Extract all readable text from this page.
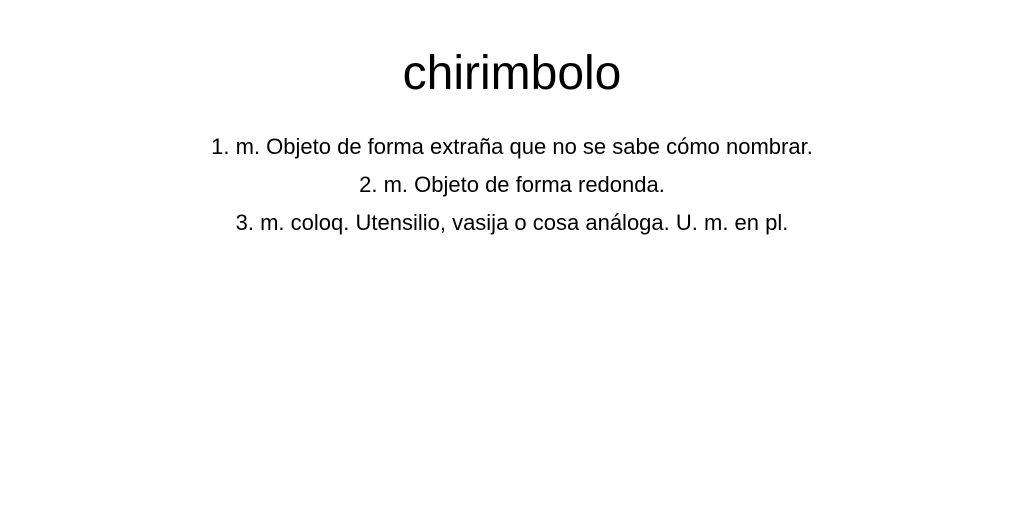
chirimbolo
1. m. Objeto de forma extraña que no se sabe cómo nombrar.
2. m. Objeto de forma redonda.
3. m. coloq. Utensilio, vasija o cosa análoga. U. m. en pl.
